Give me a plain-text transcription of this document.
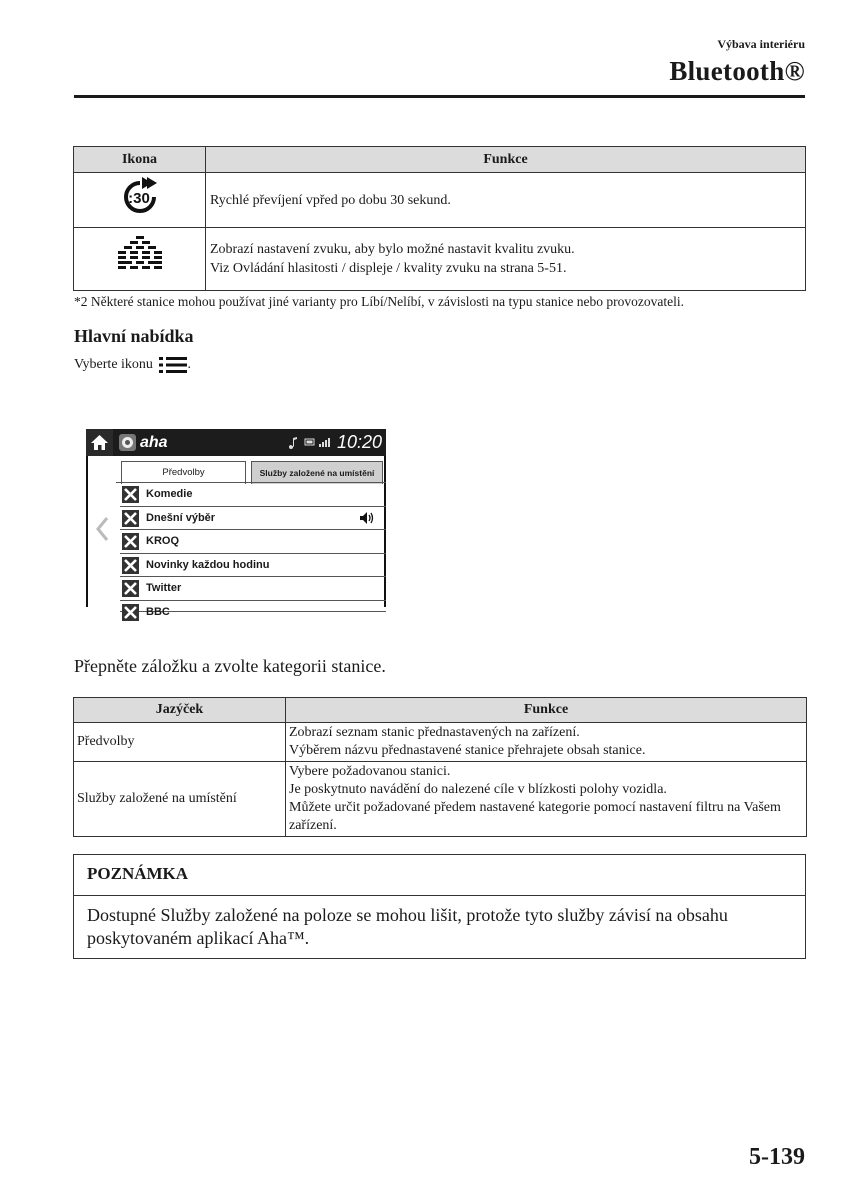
Výbava interiéru
Bluetooth®
Ikona	Funkce

:30	Rychlé převíjení vpřed po dobu 30 sekund.

Zobrazí nastavení zvuku, aby bylo možné nastavit kvalitu zvuku.
Viz Ovládání hlasitosti / displeje / kvality zvuku na strana 5-51.
*2 Některé stanice mohou používat jiné varianty pro Líbí/Nelíbí, v závislosti na typu stanice nebo provozovateli.
Hlavní nabídka
Vyberte ikonu .
aha	10:20
Předvolby	Služby založené na umístění
Komedie
Dnešní výběr
KROQ
Novinky každou hodinu
Twitter
BBC
Přepněte záložku a zvolte kategorii stanice.
Jazýček	Funkce
Předvolby	Zobrazí seznam stanic přednastavených na zařízení.
Výběrem názvu přednastavené stanice přehrajete obsah stanice.

Služby založené na umístění	Vybere požadovanou stanici.
Je poskytnuto navádění do nalezené cíle v blízkosti polohy vozidla.
Můžete určit požadované předem nastavené kategorie pomocí nastavení filtru na Vašem zařízení.
POZNÁMKA
Dostupné Služby založené na poloze se mohou lišit, protože tyto služby závisí na obsahu poskytovaném aplikací Aha™.
5-139
